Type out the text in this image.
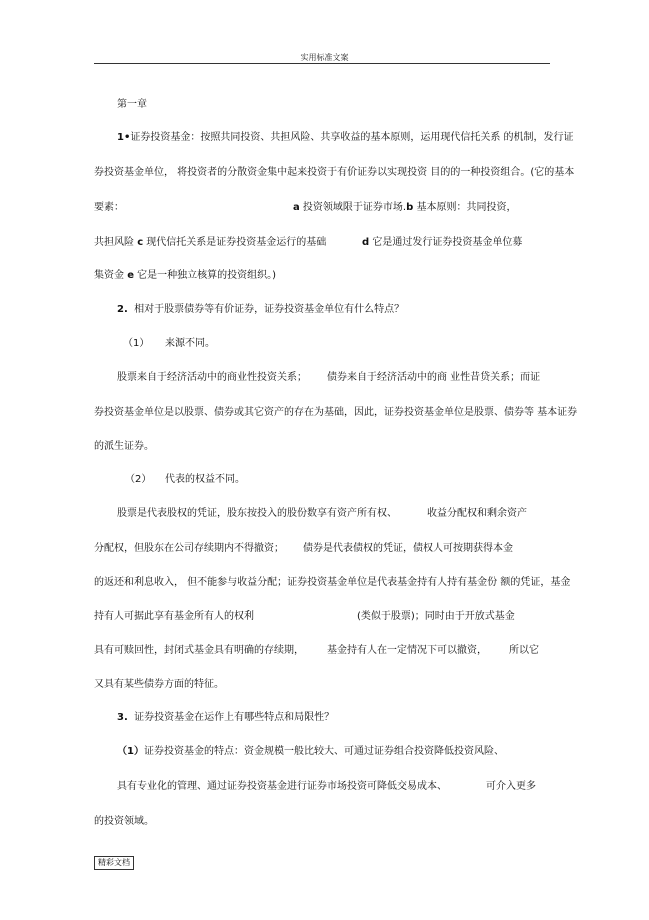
实用标准文案
第一章
1•证券投资基金：按照共同投资、共担风险、共享收益的基本原则，运用现代信托关系 的机制，发行证
券投资基金单位， 将投资者的分散资金集中起来投资于有价证券以实现投资 目的的一种投资组合。(它的基本
要素：	a 投资领域限于证券市场.b 基本原则：共同投资，
共担风险 c 现代信托关系是证券投资基金运行的基础	d 它是通过发行证券投资基金单位募
集资金 e 它是一种独立核算的投资组织。)
2. 相对于股票债券等有价证券，证券投资基金单位有什么特点？
（1） 来源不同。
股票来自于经济活动中的商业性投资关系； 债券来自于经济活动中的商 业性昔贷关系；而证
券投资基金单位是以股票、债券或其它资产的存在为基础，因此，证券投资基金单位是股票、债券等 基本证券
的派生证券。
（2） 代表的权益不同。
股票是代表股权的凭证，股东按投入的股份数享有资产所有权、	收益分配权和剩余资产
分配权，但股东在公司存续期内不得撤资； 债券是代表债权的凭证，债权人可按期获得本金
的返还和利息收入， 但不能参与收益分配；证券投资基金单位是代表基金持有人持有基金份 额的凭证，基金
持有人可据此享有基金所有人的权利	(类似于股票)；同时由于开放式基金
具有可赎回性，封闭式基金具有明确的存续期， 基金持有人在一定情况下可以撤资， 所以它
又具有某些债券方面的特征。
3. 证券投资基金在运作上有哪些特点和局限性？
（1）证券投资基金的特点：资金规模一般比较大、可通过证券组合投资降低投资风险、
具有专业化的管理、通过证券投资基金进行证券市场投资可降低交易成本、	可介入更多
的投资领域。
精彩文档
